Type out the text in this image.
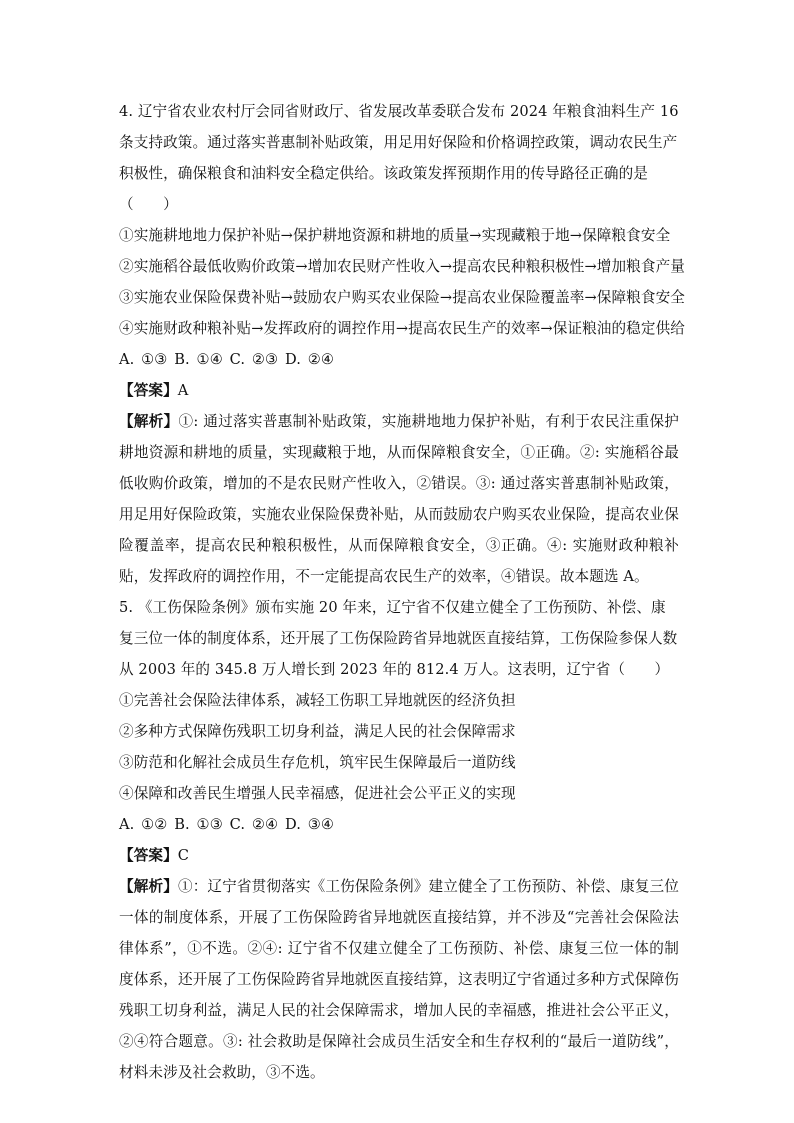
4. 辽宁省农业农村厅会同省财政厅、省发展改革委联合发布 2024 年粮食油料生产 16 条支持政策。通过落实普惠制补贴政策，用足用好保险和价格调控政策，调动农民生产积极性，确保粮食和油料安全稳定供给。该政策发挥预期作用的传导路径正确的是（　　）

①实施耕地地力保护补贴→保护耕地资源和耕地的质量→实现藏粮于地→保障粮食安全

②实施稻谷最低收购价政策→增加农民财产性收入→提高农民种粮积极性→增加粮食产量

③实施农业保险保费补贴→鼓励农户购买农业保险→提高农业保险覆盖率→保障粮食安全

④实施财政种粮补贴→发挥政府的调控作用→提高农民生产的效率→保证粮油的稳定供给

A. ①③ B. ①④ C. ②③ D. ②④

【答案】A

【解析】①: 通过落实普惠制补贴政策，实施耕地地力保护补贴，有利于农民注重保护耕地资源和耕地的质量，实现藏粮于地，从而保障粮食安全，①正确。②: 实施稻谷最低收购价政策，增加的不是农民财产性收入，②错误。③: 通过落实普惠制补贴政策，用足用好保险政策，实施农业保险保费补贴，从而鼓励农户购买农业保险，提高农业保险覆盖率，提高农民种粮积极性，从而保障粮食安全，③正确。④: 实施财政种粮补贴，发挥政府的调控作用，不一定能提高农民生产的效率，④错误。故本题选 A。

5. 《工伤保险条例》颁布实施 20 年来，辽宁省不仅建立健全了工伤预防、补偿、康复三位一体的制度体系，还开展了工伤保险跨省异地就医直接结算，工伤保险参保人数从 2003 年的 345.8 万人增长到 2023 年的 812.4 万人。这表明，辽宁省（　　）

①完善社会保险法律体系，减轻工伤职工异地就医的经济负担

②多种方式保障伤残职工切身利益，满足人民的社会保障需求

③防范和化解社会成员生存危机，筑牢民生保障最后一道防线

④保障和改善民生增强人民幸福感，促进社会公平正义的实现

A. ①② B. ①③ C. ②④ D. ③④

【答案】C

【解析】①：辽宁省贯彻落实《工伤保险条例》建立健全了工伤预防、补偿、康复三位一体的制度体系，开展了工伤保险跨省异地就医直接结算，并不涉及“完善社会保险法律体系”，①不选。②④: 辽宁省不仅建立健全了工伤预防、补偿、康复三位一体的制度体系，还开展了工伤保险跨省异地就医直接结算，这表明辽宁省通过多种方式保障伤残职工切身利益，满足人民的社会保障需求，增加人民的幸福感，推进社会公平正义，②④符合题意。③: 社会救助是保障社会成员生活安全和生存权利的“最后一道防线”，材料未涉及社会救助，③不选。
